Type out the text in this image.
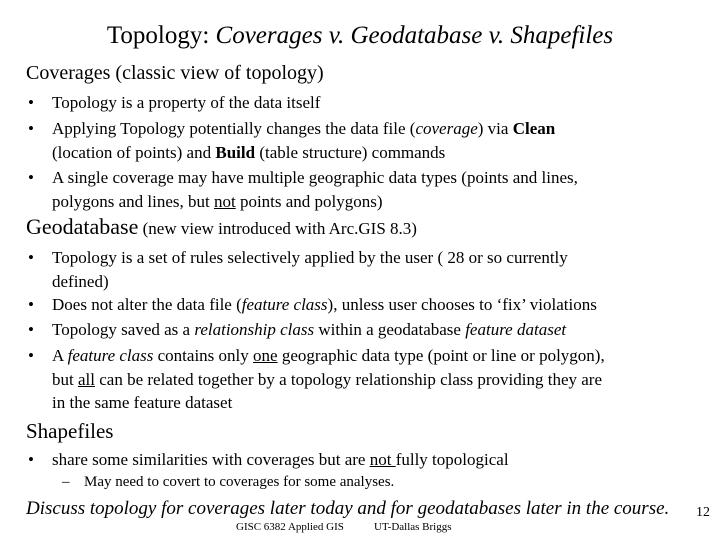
Topology: Coverages v. Geodatabase v. Shapefiles
Coverages (classic view of topology)
•	Topology is a property of the data itself
•	Applying Topology potentially changes the data file (coverage) via Clean
(location of points) and Build (table structure) commands
•	A single coverage may have multiple geographic data types (points and lines,
polygons and lines, but not points and polygons)
Geodatabase (new view introduced with Arc.GIS 8.3)
•	Topology is a set of rules selectively applied by the user ( 28 or so currently
defined)
•	Does not alter the data file (feature class), unless user chooses to ‘fix’ violations
•	Topology saved as a relationship class within a geodatabase feature dataset
•	A feature class contains only one geographic data type (point or line or polygon),
but all can be related together by a topology relationship class providing they are
in the same feature dataset
Shapefiles
•	share some similarities with coverages but are not fully topological
– May need to covert to coverages for some analyses.
Discuss topology for coverages later today and for geodatabases later in the course. 12
GISC 6382 Applied GIS	UT-Dallas Briggs
